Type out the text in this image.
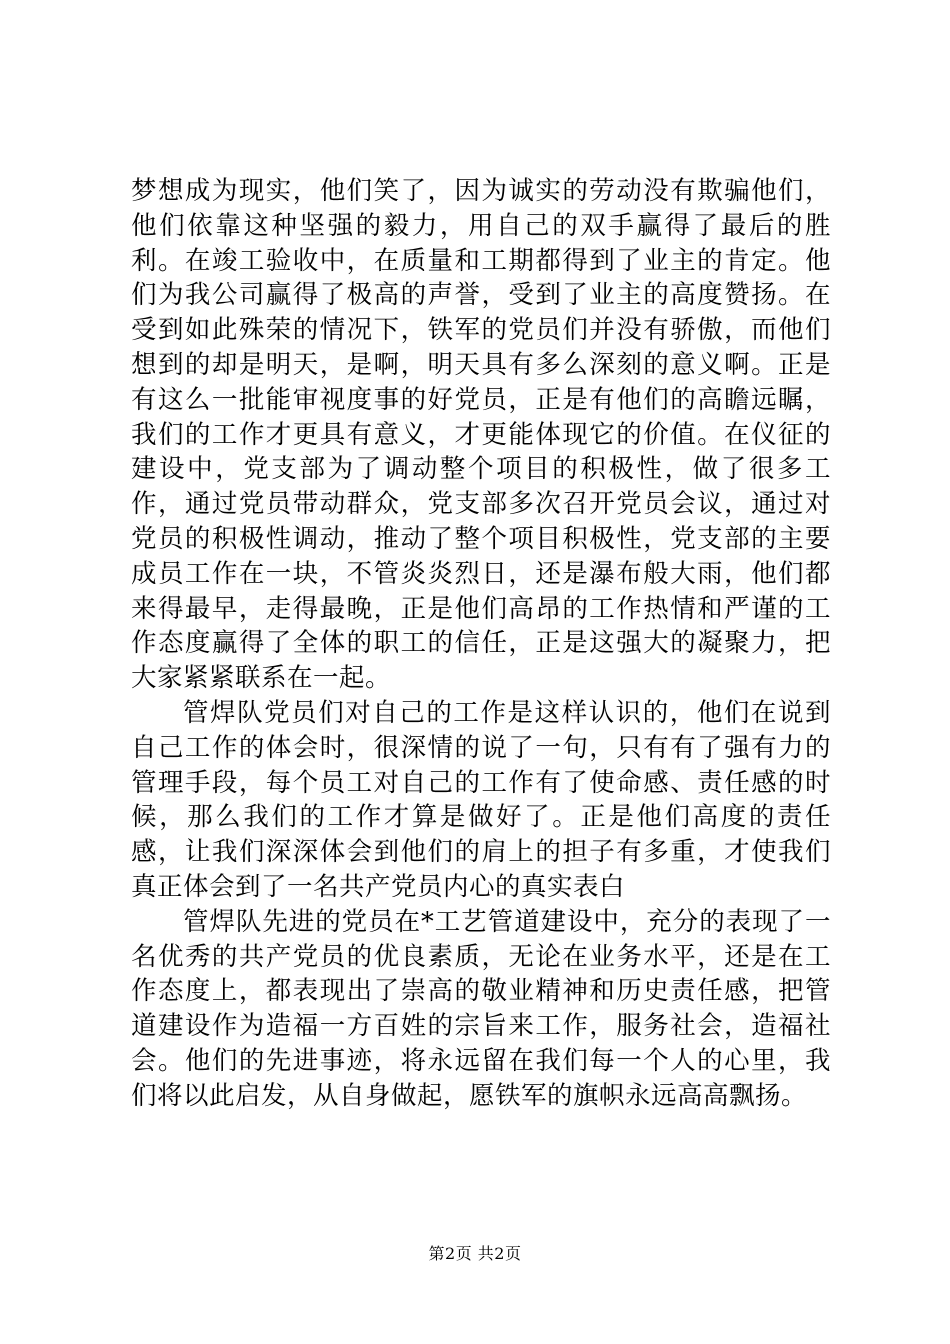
梦想成为现实，他们笑了，因为诚实的劳动没有欺骗他们，他们依靠这种坚强的毅力，用自己的双手赢得了最后的胜利。在竣工验收中，在质量和工期都得到了业主的肯定。他们为我公司赢得了极高的声誉，受到了业主的高度赞扬。在受到如此殊荣的情况下，铁军的党员们并没有骄傲，而他们想到的却是明天，是啊，明天具有多么深刻的意义啊。正是有这么一批能审视度事的好党员，正是有他们的高瞻远瞩，我们的工作才更具有意义，才更能体现它的价值。在仪征的建设中，党支部为了调动整个项目的积极性，做了很多工作，通过党员带动群众，党支部多次召开党员会议，通过对党员的积极性调动，推动了整个项目积极性，党支部的主要成员工作在一块，不管炎炎烈日，还是瀑布般大雨，他们都来得最早，走得最晚，正是他们高昂的工作热情和严谨的工作态度赢得了全体的职工的信任，正是这强大的凝聚力，把大家紧紧联系在一起。

管焊队党员们对自己的工作是这样认识的，他们在说到自己工作的体会时，很深情的说了一句，只有有了强有力的管理手段，每个员工对自己的工作有了使命感、责任感的时候，那么我们的工作才算是做好了。正是他们高度的责任感，让我们深深体会到他们的肩上的担子有多重，才使我们真正体会到了一名共产党员内心的真实表白

管焊队先进的党员在*工艺管道建设中，充分的表现了一名优秀的共产党员的优良素质，无论在业务水平，还是在工作态度上，都表现出了崇高的敬业精神和历史责任感，把管道建设作为造福一方百姓的宗旨来工作，服务社会，造福社会。他们的先进事迹，将永远留在我们每一个人的心里，我们将以此启发，从自身做起，愿铁军的旗帜永远高高飘扬。

第2页 共2页
